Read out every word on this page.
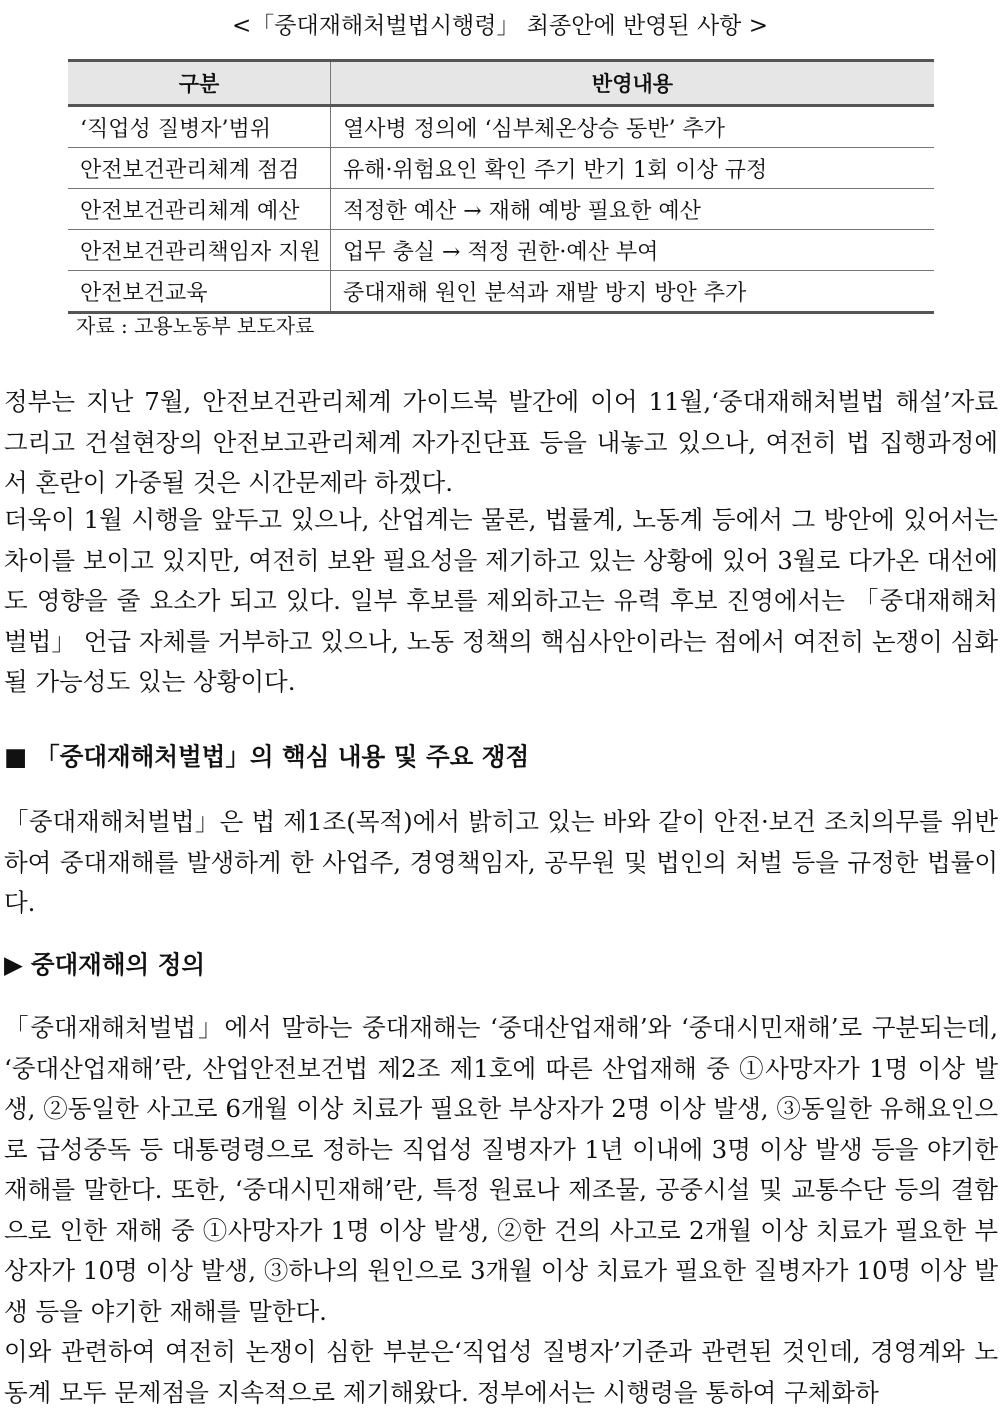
<「중대재해처벌법시행령」 최종안에 반영된 사항 >
구분	반영내용
‘직업성 질병자’범위	열사병 정의에 ‘심부체온상승 동반’ 추가
안전보건관리체계 점검	유해·위험요인 확인 주기 반기 1회 이상 규정
안전보건관리체계 예산	적정한 예산 → 재해 예방 필요한 예산
안전보건관리책임자 지원	업무 충실 → 적정 권한·예산 부여
안전보건교육	중대재해 원인 분석과 재발 방지 방안 추가
자료 : 고용노동부 보도자료

정부는 지난 7월, 안전보건관리체계 가이드북 발간에 이어 11월,‘중대재해처벌법 해설’자료 그리고 건설현장의 안전보고관리체계 자가진단표 등을 내놓고 있으나, 여전히 법 집행과정에서 혼란이 가중될 것은 시간문제라 하겠다.

더욱이 1월 시행을 앞두고 있으나, 산업계는 물론, 법률계, 노동계 등에서 그 방안에 있어서는 차이를 보이고 있지만, 여전히 보완 필요성을 제기하고 있는 상황에 있어 3월로 다가온 대선에도 영향을 줄 요소가 되고 있다. 일부 후보를 제외하고는 유력 후보 진영에서는 「중대재해처벌법」 언급 자체를 거부하고 있으나, 노동 정책의 핵심사안이라는 점에서 여전히 논쟁이 심화될 가능성도 있는 상황이다.

■ 「중대재해처벌법」의 핵심 내용 및 주요 쟁점

「중대재해처벌법」은 법 제1조(목적)에서 밝히고 있는 바와 같이 안전·보건 조치의무를 위반하여 중대재해를 발생하게 한 사업주, 경영책임자, 공무원 및 법인의 처벌 등을 규정한 법률이다.

▶ 중대재해의 정의

「중대재해처벌법」에서 말하는 중대재해는 ‘중대산업재해’와 ‘중대시민재해’로 구분되는데, ‘중대산업재해’란, 산업안전보건법 제2조 제1호에 따른 산업재해 중 ①사망자가 1명 이상 발생, ②동일한 사고로 6개월 이상 치료가 필요한 부상자가 2명 이상 발생, ③동일한 유해요인으로 급성중독 등 대통령령으로 정하는 직업성 질병자가 1년 이내에 3명 이상 발생 등을 야기한 재해를 말한다. 또한, ‘중대시민재해’란, 특정 원료나 제조물, 공중시설 및 교통수단 등의 결함으로 인한 재해 중 ①사망자가 1명 이상 발생, ②한 건의 사고로 2개월 이상 치료가 필요한 부상자가 10명 이상 발생, ③하나의 원인으로 3개월 이상 치료가 필요한 질병자가 10명 이상 발생 등을 야기한 재해를 말한다.

이와 관련하여 여전히 논쟁이 심한 부분은‘직업성 질병자’기준과 관련된 것인데, 경영계와 노동계 모두 문제점을 지속적으로 제기해왔다. 정부에서는 시행령을 통하여 구체화하
